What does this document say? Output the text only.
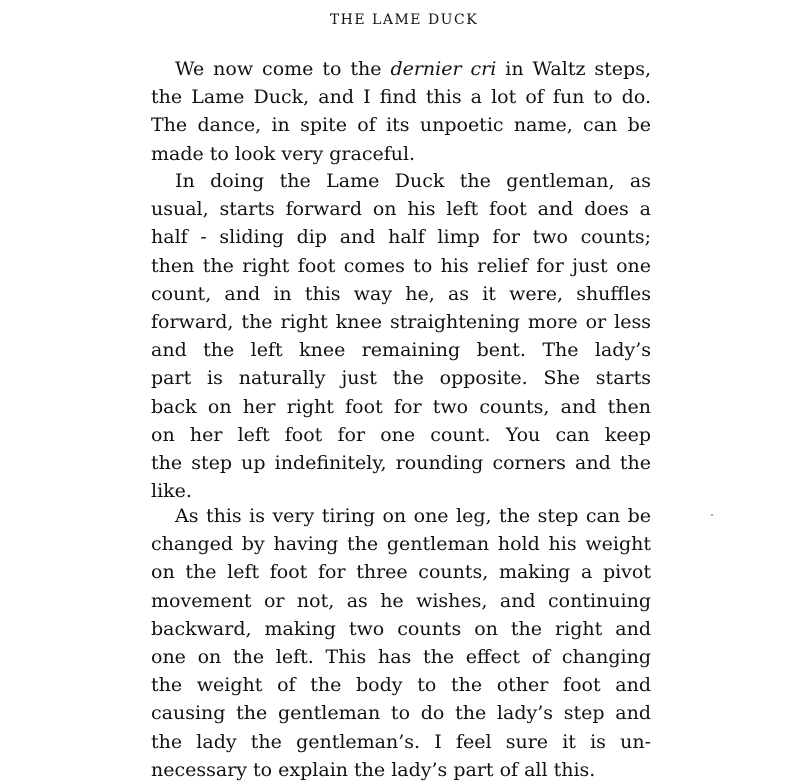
THE LAME DUCK
We now come to the dernier cri in Waltz steps,
the Lame Duck, and I find this a lot of fun to do.
The dance, in spite of its unpoetic name, can be
made to look very graceful.
In doing the Lame Duck the gentleman, as
usual, starts forward on his left foot and does a
half - sliding dip and half limp for two counts;
then the right foot comes to his relief for just one
count, and in this way he, as it were, shuffles
forward, the right knee straightening more or less
and the left knee remaining bent. The lady’s
part is naturally just the opposite. She starts
back on her right foot for two counts, and then
on her left foot for one count. You can keep
the step up indefinitely, rounding corners and the
like.
As this is very tiring on one leg, the step can be
changed by having the gentleman hold his weight
on the left foot for three counts, making a pivot
movement or not, as he wishes, and continuing
backward, making two counts on the right and
one on the left. This has the effect of changing
the weight of the body to the other foot and
causing the gentleman to do the lady’s step and
the lady the gentleman’s. I feel sure it is un-
necessary to explain the lady’s part of all this.
